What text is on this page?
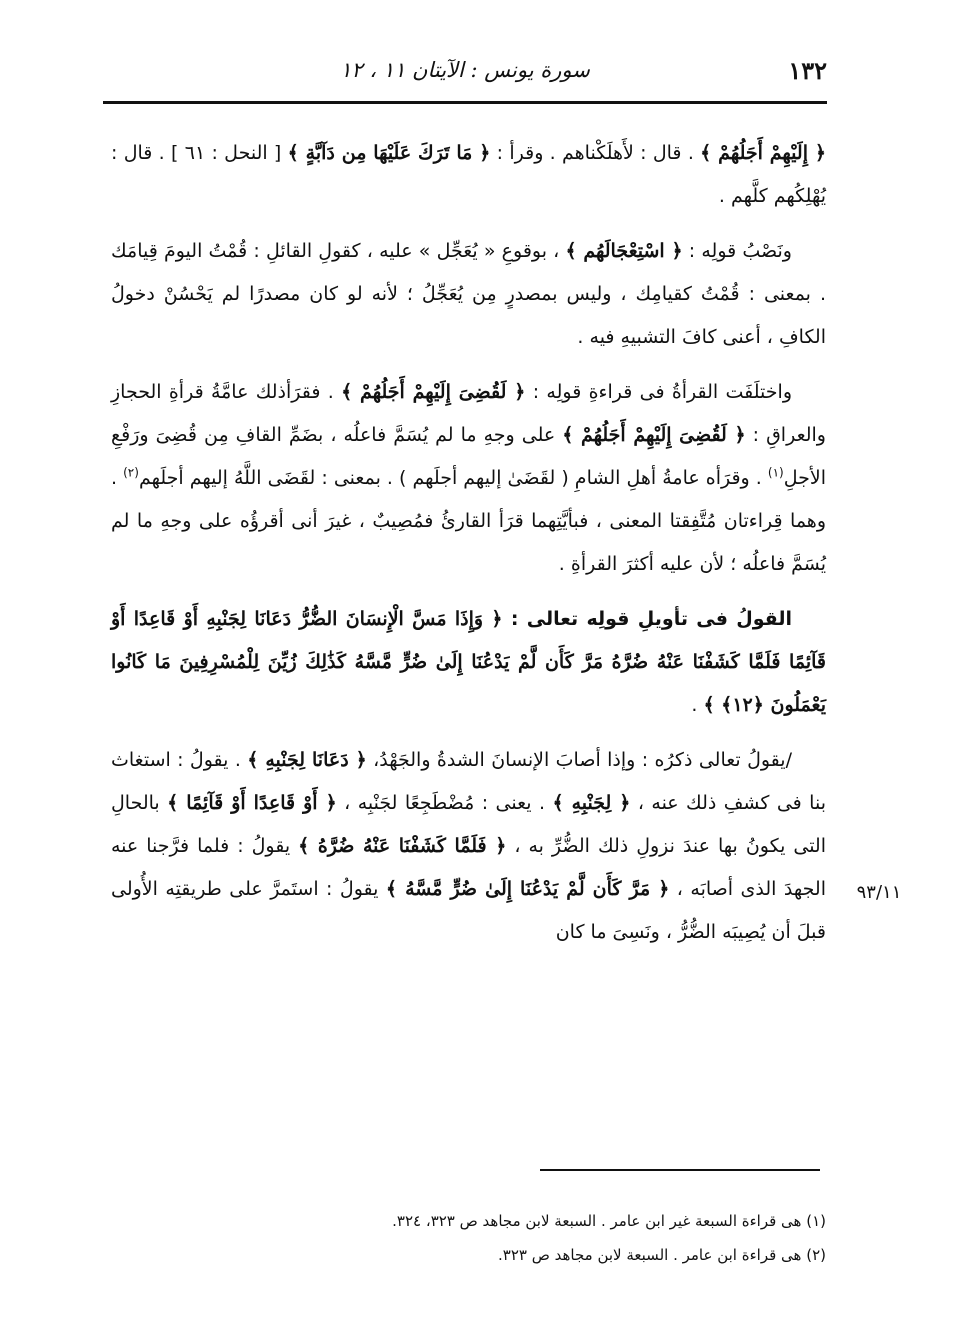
١٣٢
سورة يونس : الآيتان ١١ ، ١٢
٩٣/١١

﴿ إِلَيْهِمْ أَجَلُهُمْ ﴾ . قال : لأَهلَكْناهم . وقرأ : ﴿ مَا تَرَكَ عَلَيْهَا مِن دَآبَّةٍ ﴾ [ النحل : ٦١ ] . قال : يُهْلِكُهم كلَّهم .

ونَصْبُ قولِه : ﴿ اسْتِعْجَالَهُم ﴾ ، بوقوعِ « يُعَجِّل » عليه ، كقولِ القائلِ : قُمْتُ اليومَ قِيامَك . بمعنى : قُمْتُ كقيامِك ، وليس بمصدرٍ مِن يُعَجِّلُ ؛ لأنه لو كان مصدرًا لم يَحْسُنْ دخولُ الكافِ ، أعنى كافَ التشبيهِ فيه .

واختلَفَت القرأةُ فى قراءةِ قولِه : ﴿ لَقُضِىَ إِلَيْهِمْ أَجَلُهُمْ ﴾ . فقرَأذلك عامَّةُ قرأةِ الحجازِ والعراقِ : ﴿ لَقُضِىَ إِلَيْهِمْ أَجَلُهُمْ ﴾ على وجهِ ما لم يُسَمَّ فاعلُه ، بضَمِّ القافِ مِن قُضِىَ ورَفْعِ الأجلِ$^{(١)}$ . وقرَأه عامةُ أهلِ الشامِ ( لقَضَىٰ إليهم أجلَهم ) . بمعنى : لقَضَى اللَّهُ إليهم أجلَهم$^{(٢)}$ . وهما قِراءتان مُتَّفِقتا المعنى ، فبأيَّتِهما قرَأ القارئُ فمُصِيبٌ ، غيرَ أنى أقرؤُه على وجهِ ما لم يُسَمَّ فاعلُه ؛ لأن عليه أكثرَ القرأةِ .

القولُ فى تأويلِ قولِه تعالى : ﴿ وَإِذَا مَسَّ الْإِنسَانَ الضُّرُّ دَعَانَا لِجَنْبِهِ أَوْ قَاعِدًا أَوْ قَآئِمًا فَلَمَّا كَشَفْنَا عَنْهُ ضُرَّهُ مَرَّ كَأَن لَّمْ يَدْعُنَا إِلَىٰ ضُرٍّ مَّسَّهُ كَذَٰلِكَ زُيِّنَ لِلْمُسْرِفِينَ مَا كَانُوا يَعْمَلُونَ ﴿١٢﴾ ﴾ .

/يقولُ تعالى ذكرُه : وإذا أصابَ الإنسانَ الشدةُ والجَهْدُ، ﴿ دَعَانَا لِجَنْبِهِ ﴾ . يقولُ : استغاث بنا فى كشفِ ذلك عنه ، ﴿ لِجَنْبِهِ ﴾ . يعنى : مُضْطَجِعًا لجَنْبِه ، ﴿ أَوْ قَاعِدًا أَوْ قَآئِمًا ﴾ بالحالِ التى يكونُ بها عندَ نزولِ ذلك الضُّرِّ به ، ﴿ فَلَمَّا كَشَفْنَا عَنْهُ ضُرَّهُ ﴾ يقولُ : فلما فرَّجنا عنه الجهدَ الذى أصابَه ، ﴿ مَرَّ كَأَن لَّمْ يَدْعُنَا إِلَىٰ ضُرٍّ مَّسَّهُ ﴾ يقولُ : استَمرَّ على طريقتِه الأُولى قبلَ أن يُصِيبَه الضُّرُّ ، ونَسِىَ ما كان

(١) هى قراءة السبعة غير ابن عامر . السبعة لابن مجاهد ص ٣٢٣، ٣٢٤.
(٢) هى قراءة ابن عامر . السبعة لابن مجاهد ص ٣٢٣.
